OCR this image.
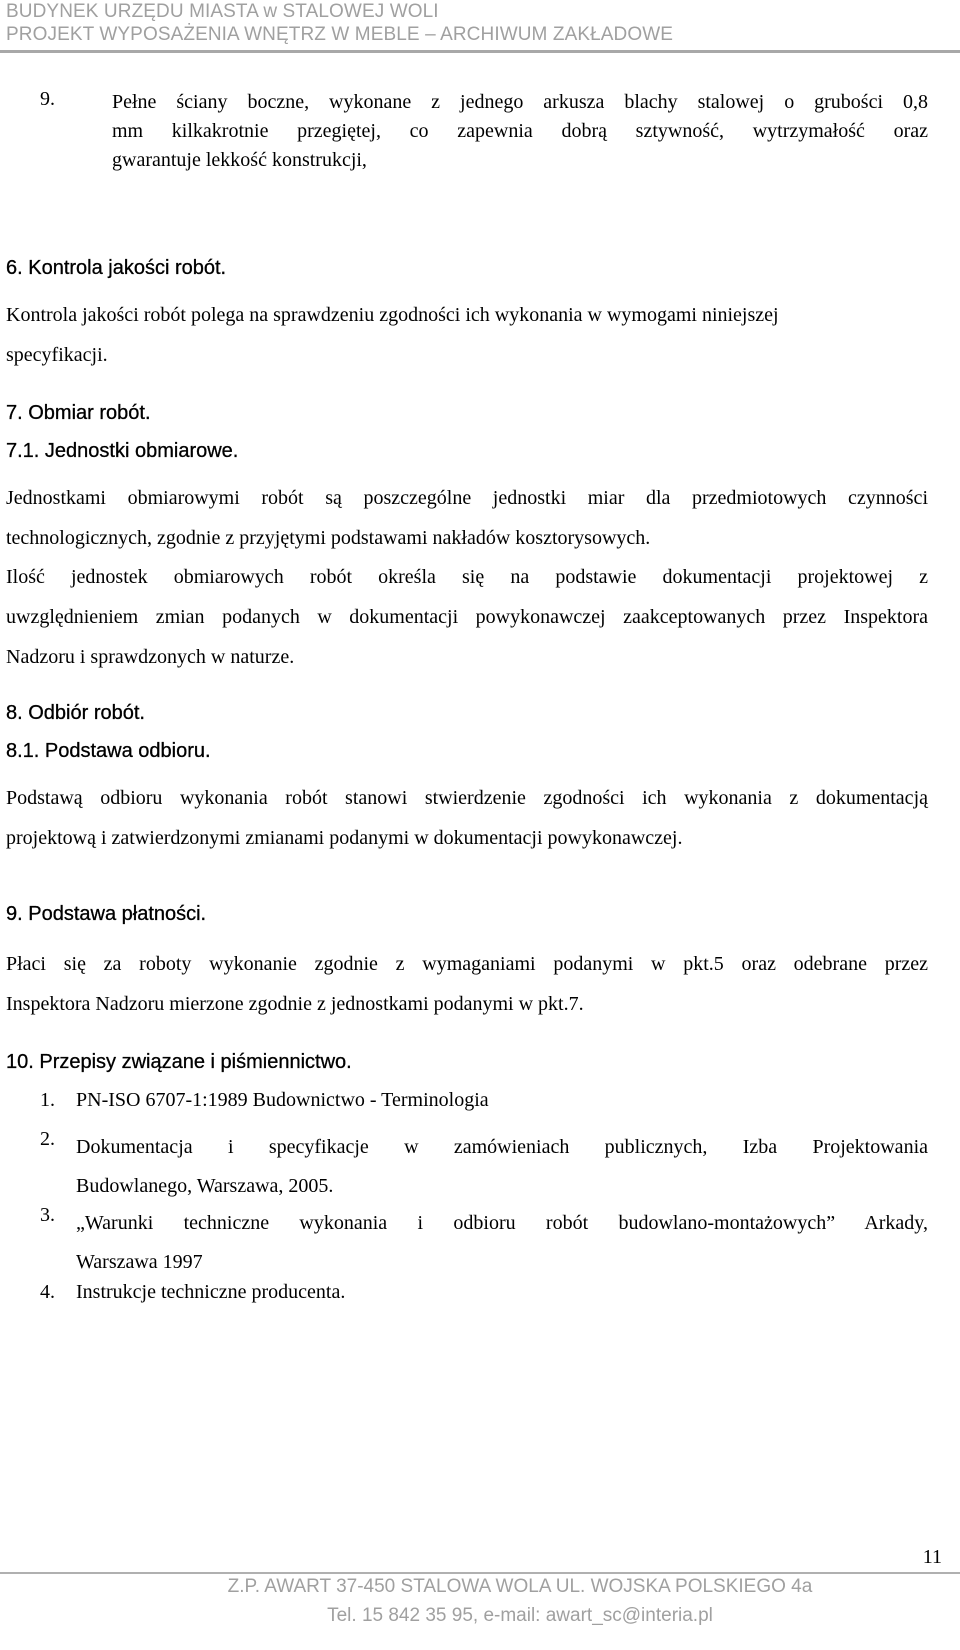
BUDYNEK URZĘDU MIASTA w STALOWEJ WOLI
PROJEKT WYPOSAŻENIA WNĘTRZ W MEBLE – ARCHIWUM ZAKŁADOWE
9.	Pełne ściany boczne, wykonane z jednego arkusza blachy stalowej o grubości 0,8
mm kilkakrotnie przegiętej, co zapewnia dobrą sztywność, wytrzymałość oraz
gwarantuje lekkość konstrukcji,
6. Kontrola jakości robót.
Kontrola jakości robót polega na sprawdzeniu zgodności ich wykonania w wymogami niniejszej
specyfikacji.
7. Obmiar robót.
7.1. Jednostki obmiarowe.
Jednostkami obmiarowymi robót są poszczególne jednostki miar dla przedmiotowych czynności
technologicznych, zgodnie z przyjętymi podstawami nakładów kosztorysowych.
Ilość jednostek obmiarowych robót określa się na podstawie dokumentacji projektowej z
uwzględnieniem zmian podanych w dokumentacji powykonawczej zaakceptowanych przez Inspektora
Nadzoru i sprawdzonych w naturze.
8. Odbiór robót.
8.1. Podstawa odbioru.
Podstawą odbioru wykonania robót stanowi stwierdzenie zgodności ich wykonania z dokumentacją
projektową i zatwierdzonymi zmianami podanymi w dokumentacji powykonawczej.
9. Podstawa płatności.
Płaci się za roboty wykonanie zgodnie z wymaganiami podanymi w pkt.5 oraz odebrane przez
Inspektora Nadzoru mierzone zgodnie z jednostkami podanymi w pkt.7.
10. Przepisy związane i piśmiennictwo.
1. PN-ISO 6707-1:1989 Budownictwo - Terminologia
2. Dokumentacja i specyfikacje w zamówieniach publicznych, Izba Projektowania
Budowlanego, Warszawa, 2005.
3. „Warunki techniczne wykonania i odbioru robót budowlano-montażowych” Arkady,
Warszawa 1997
4. Instrukcje techniczne producenta.
11
Z.P. AWART 37-450 STALOWA WOLA UL. WOJSKA POLSKIEGO 4a
Tel. 15 842 35 95, e-mail: awart_sc@interia.pl
